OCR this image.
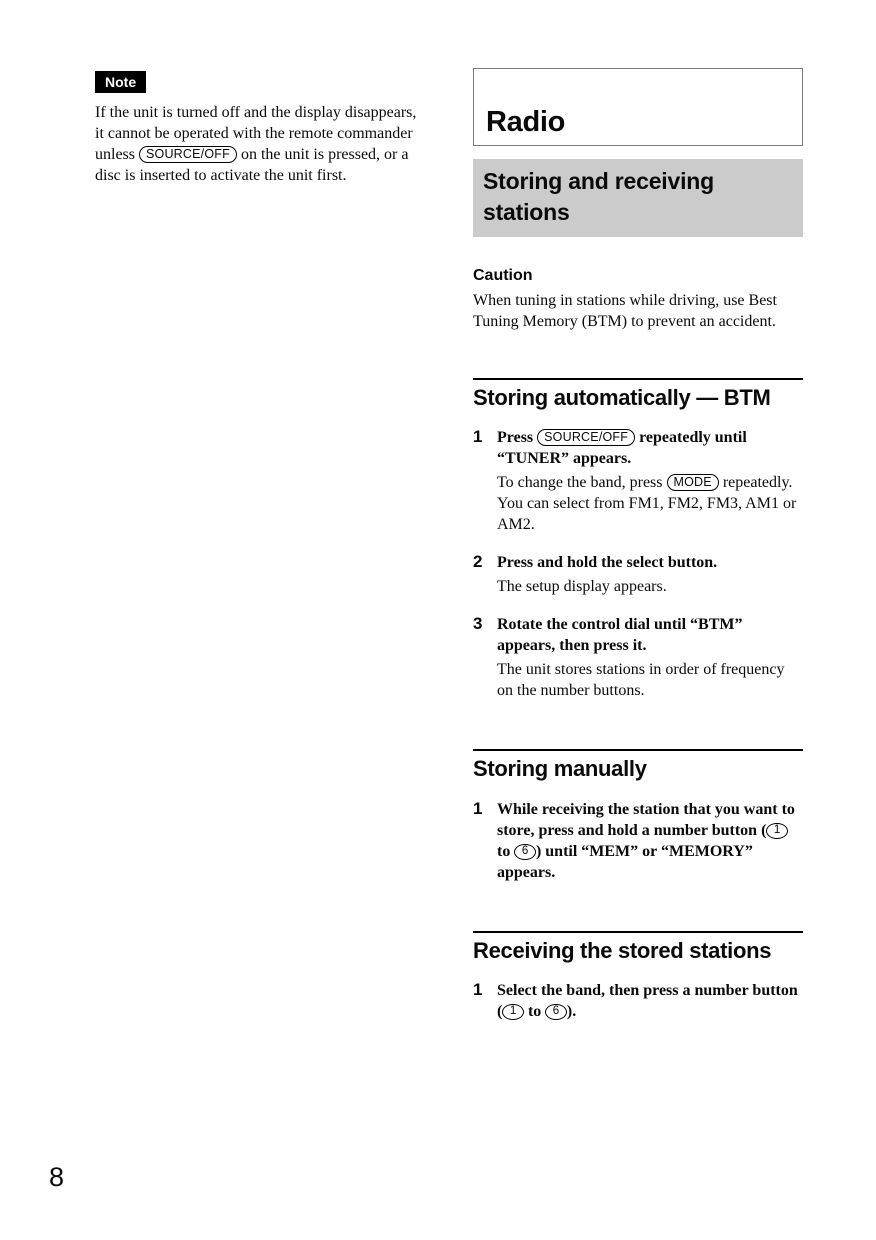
Note

If the unit is turned off and the display disappears, it cannot be operated with the remote commander unless SOURCE/OFF on the unit is pressed, or a disc is inserted to activate the unit first.

Radio
Storing and receiving stations

Caution

When tuning in stations while driving, use Best Tuning Memory (BTM) to prevent an accident.

Storing automatically — BTM
1 Press SOURCE/OFF repeatedly until “TUNER” appears.

To change the band, press MODE repeatedly. You can select from FM1, FM2, FM3, AM1 or AM2.

2 Press and hold the select button.

The setup display appears.

3 Rotate the control dial until “BTM” appears, then press it.

The unit stores stations in order of frequency on the number buttons.

Storing manually
1 While receiving the station that you want to store, press and hold a number button ( 1 to 6 ) until “MEM” or “MEMORY” appears.

Receiving the stored stations
1 Select the band, then press a number button ( 1 to 6 ).

8
